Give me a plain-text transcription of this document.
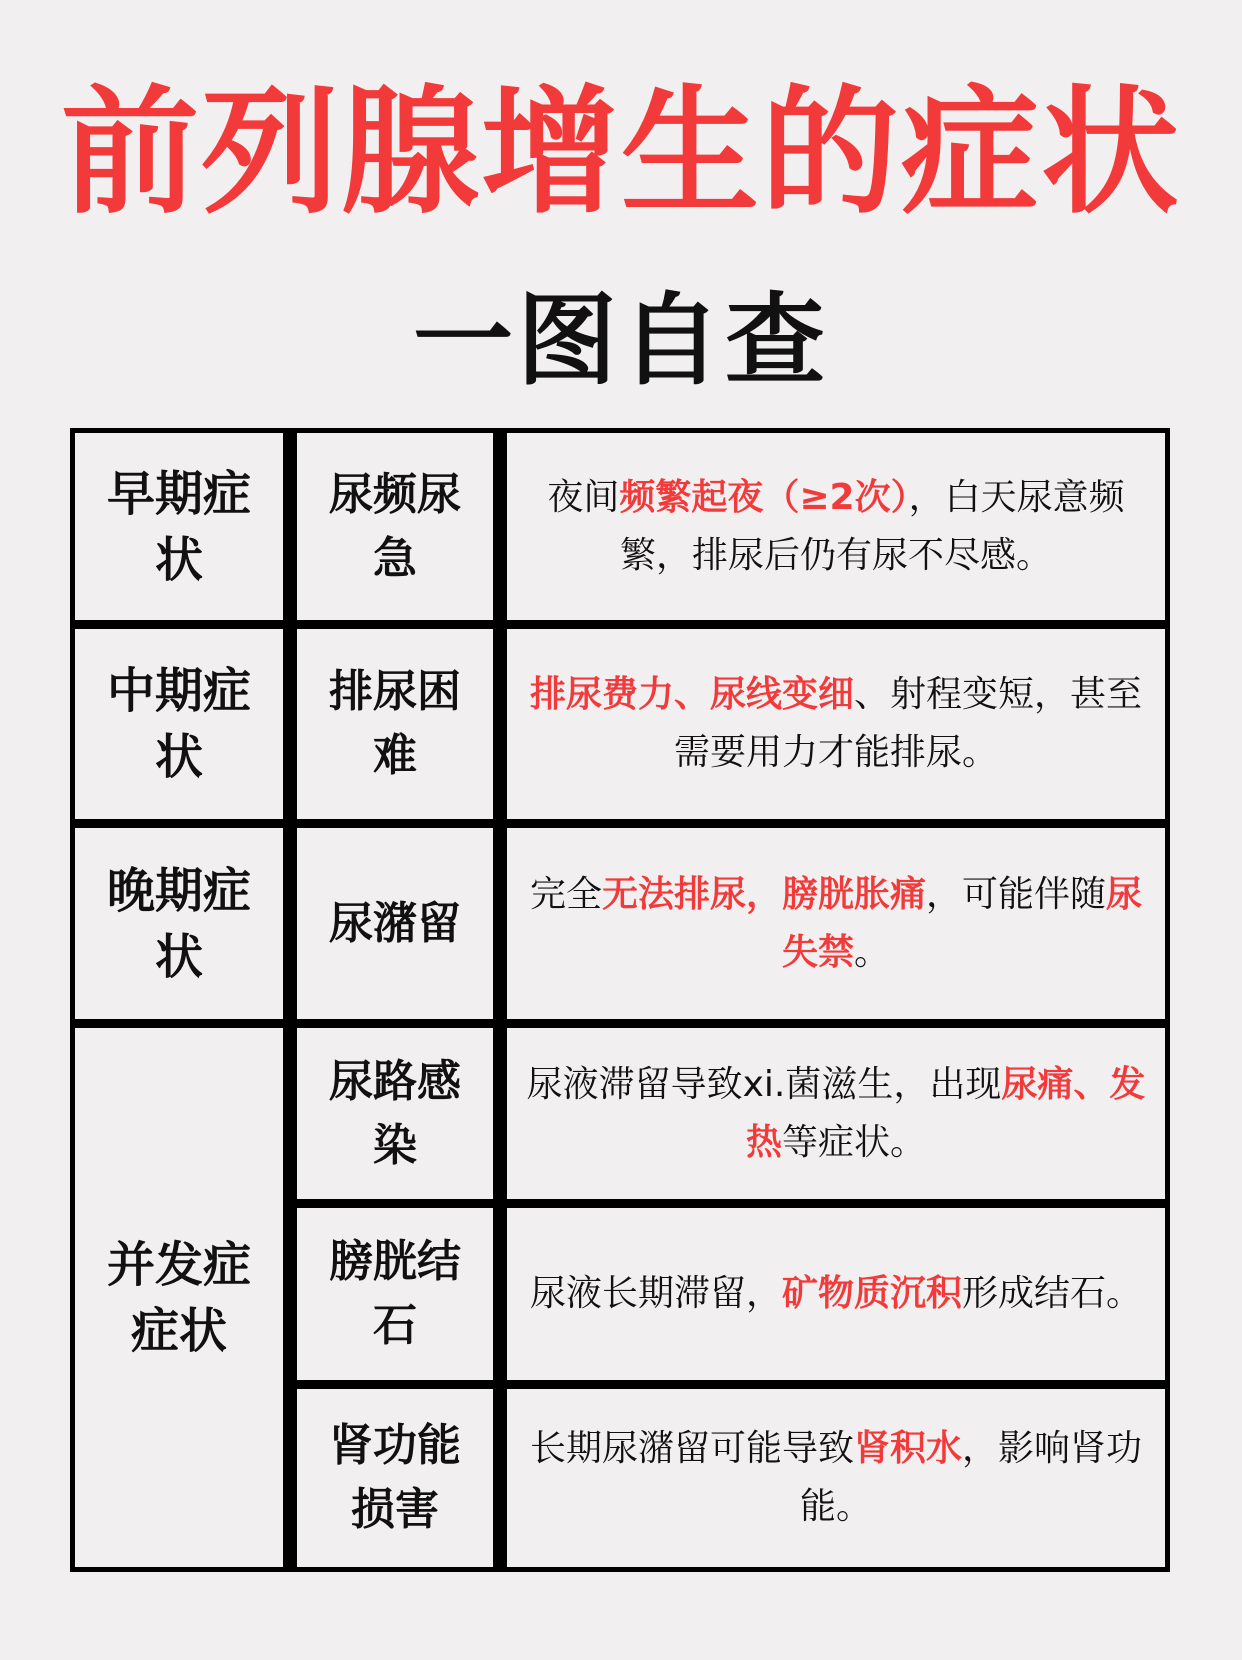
前列腺增生的症状
一图自查
早期症状
中期症状
晚期症状
并发症症状
尿频尿急
排尿困难
尿潴留
尿路感染
膀胱结石
肾功能损害
夜间频繁起夜（≥2次），白天尿意频繁，排尿后仍有尿不尽感。
排尿费力、尿线变细、射程变短，甚至需要用力才能排尿。
完全无法排尿，膀胱胀痛，可能伴随尿失禁。
尿液滞留导致xi.菌滋生，出现尿痛、发热等症状。
尿液长期滞留，矿物质沉积形成结石。
长期尿潴留可能导致肾积水，影响肾功能。
